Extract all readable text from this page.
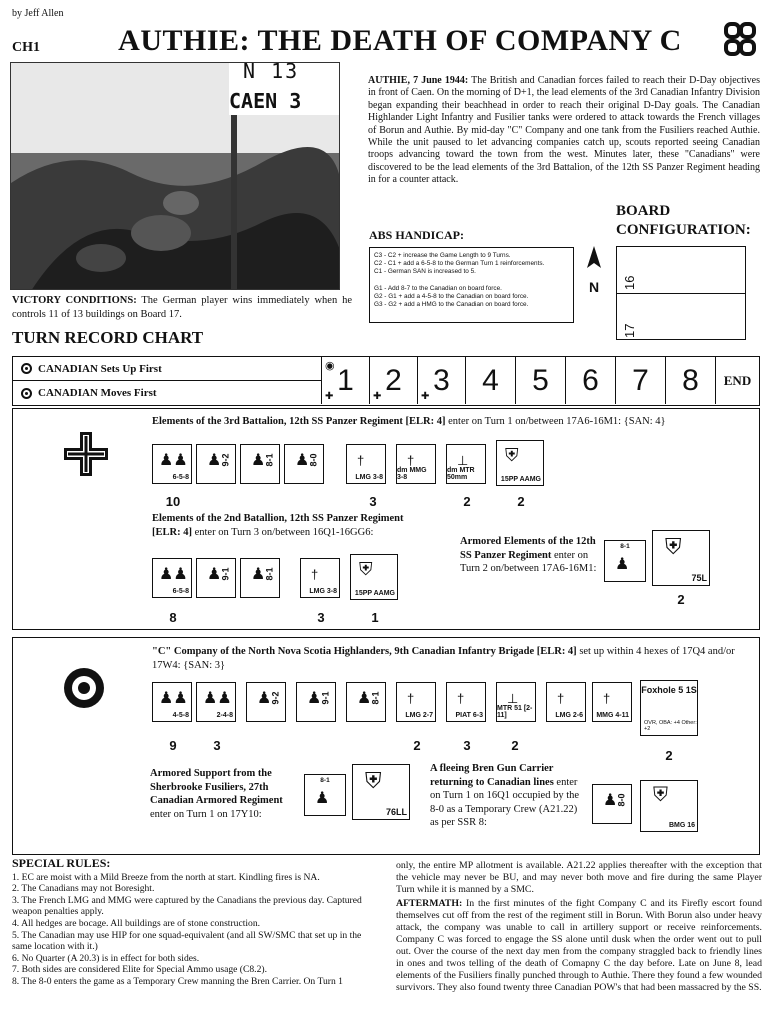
by Jeff Allen
CH1	AUTHIE: THE DEATH OF COMPANY C
N 13
CAEN 3
AUTHIE, 7 June 1944: The British and Canadian forces failed to reach their D-Day objectives in front of Caen. On the morning of D+1, the lead elements of the 3rd Canadian Infantry Division began expanding their beachhead in order to reach their original D-Day goals. The Canadian Highlander Light Infantry and Fusilier tanks were ordered to attack towards the French villages of Borun and Authie. By mid-day "C" Company and one tank from the Fusiliers reached Authie. While the unit paused to let advancing companies catch up, scouts reported seeing Canadian troops advancing toward the town from the west. Minutes later, these "Canadians" were discovered to be the lead elements of the 3rd Battalion, of the 12th SS Panzer Regiment heading in for a counter attack.
ABS HANDICAP:
C3 - C2 + increase the Game Length to 9 Turns.
C2 - C1 + add a 6-5-8 to the German Turn 1 reinforcements.
C1 - German SAN is increased to 5.
G1 - Add 8-7 to the Canadian on board force.
G2 - G1 + add a 4-5-8 to the Canadian on board force.
G3 - G2 + add a HMG to the Canadian on board force.
BOARD
CONFIGURATION:
N	16
17
VICTORY CONDITIONS: The German player wins immediately when he controls 11 of 13 buildings on Board 17.
TURN RECORD CHART
CANADIAN Sets Up First
CANADIAN Moves First
◉
✚ 1 ✚ 2 ✚ 3 4 5 6 7 8 END
Elements of the 3rd Battalion, 12th SS Panzer Regiment [ELR: 4] enter on Turn 1 on/between 17A6-16M1: {SAN: 4}
♟♟
6-5-8
♟ 9-2 ♟ 8-1 ♟ 8-0	†
LMG 3-8
†
dm MMG 3-8
⊥
dm MTR 50mm
⛨
15PP AAMG
10	3	2	2
Elements of the 2nd Batallion, 12th SS Panzer Regiment [ELR: 4] enter on Turn 3 on/between 16Q1-16GG6:
♟♟
6-5-8
♟ 9-1 ♟ 8-1	†
LMG 3-8
⛨
15PP AAMG
8	3	1
Armored Elements of the 12th SS Panzer Regiment enter on Turn 2 on/between 17A6-16M1:
8-1
♟
⛨
75L
2
"C" Company of the North Nova Scotia Highlanders, 9th Canadian Infantry Brigade [ELR: 4] set up within 4 hexes of 17Q4 and/or 17W4: {SAN: 3}
♟♟
4-5-8
♟♟
2-4-8
♟ 9-2 ♟ 9-1 ♟ 8-1 †
LMG 2-7
†
PIAT 6-3
⊥
MTR 51 [2-11]
†
LMG 2-6
†
MMG 4-11
Foxhole 5 1S
OVR, OBA: +4 Other: +2
9	3	2	3	2
2
Armored Support from the Sherbrooke Fusiliers, 27th Canadian Armored Regiment enter on Turn 1 on 17Y10:
8-1
♟
⛨
76LL
A fleeing Bren Gun Carrier returning to Canadian lines enter on Turn 1 on 16Q1 occupied by the 8-0 as a Temporary Crew (A21.22) as per SSR 8:
♟ 8-0 ⛨
BMG 16
SPECIAL RULES:
1. EC are moist with a Mild Breeze from the north at start. Kindling fires is NA.
2. The Canadians may not Boresight.
3. The French LMG and MMG were captured by the Canadians the previous day. Captured weapon penalties apply.
4. All hedges are bocage. All buildings are of stone construction.
5. The Canadian may use HIP for one squad-equivalent (and all SW/SMC that set up in the same location with it.)
6. No Quarter (A 20.3) is in effect for both sides.
7. Both sides are considered Elite for Special Ammo usage (C8.2).
8. The 8-0 enters the game as a Temporary Crew manning the Bren Carrier. On Turn 1
only, the entire MP allotment is available. A21.22 applies thereafter with the exception that the vehicle may never be BU, and may never both move and fire during the same Player Turn while it is manned by a SMC.
AFTERMATH: In the first minutes of the fight Company C and its Firefly escort found themselves cut off from the rest of the regiment still in Borun. With Borun also under heavy attack, the company was unable to call in artillery support or receive reinforcements. Company C was forced to engage the SS alone until dusk when the order went out to pull out. Over the course of the next day men from the company straggled back to friendly lines in ones and twos telling of the death of Comapny C the day before. Late on June 8, lead elements of the Fusiliers finally punched through to Authie. There they found a few wounded survivors. They also found twenty three Canadian POW's that had been massacred by the SS.
